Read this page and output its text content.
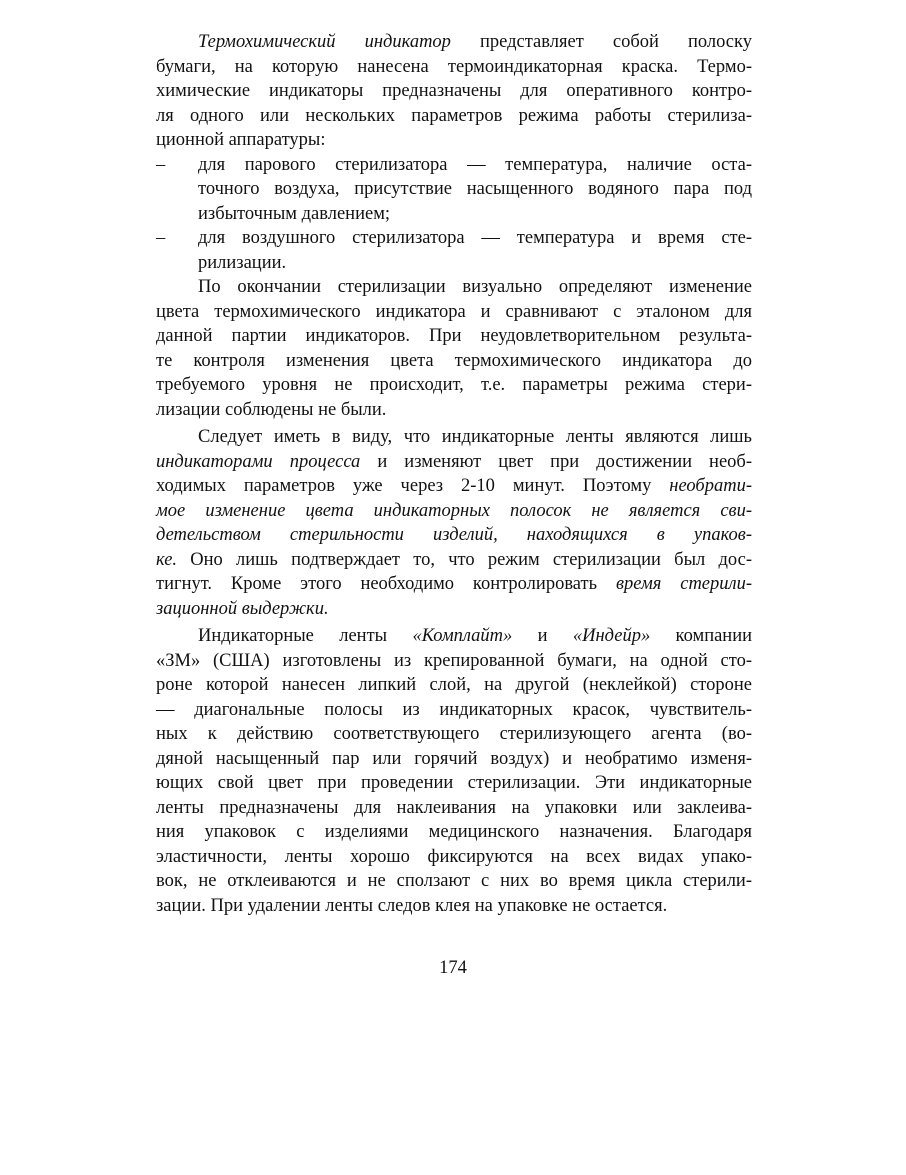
Термохимический индикатор представляет собой полоску
бумаги, на которую нанесена термоиндикаторная краска. Термо-
химические индикаторы предназначены для оперативного контро-
ля одного или нескольких параметров режима работы стерилиза-
ционной аппаратуры:
–	для парового стерилизатора — температура, наличие оста-
точного воздуха, присутствие насыщенного водяного пара под
избыточным давлением;
–	для воздушного стерилизатора — температура и время сте-
рилизации.
По окончании стерилизации визуально определяют изменение
цвета термохимического индикатора и сравнивают с эталоном для
данной партии индикаторов. При неудовлетворительном результа-
те контроля изменения цвета термохимического индикатора до
требуемого уровня не происходит, т.е. параметры режима стери-
лизации соблюдены не были.
Следует иметь в виду, что индикаторные ленты являются лишь
индикаторами процесса и изменяют цвет при достижении необ-
ходимых параметров уже через 2-10 минут. Поэтому необрати-
мое изменение цвета индикаторных полосок не является сви-
детельством стерильности изделий, находящихся в упаков-
ке. Оно лишь подтверждает то, что режим стерилизации был дос-
тигнут. Кроме этого необходимо контролировать время стерили-
зационной выдержки.
Индикаторные ленты «Комплайт» и «Индейр» компании
«ЗМ» (США) изготовлены из крепированной бумаги, на одной сто-
роне которой нанесен липкий слой, на другой (неклейкой) стороне
— диагональные полосы из индикаторных красок, чувствитель-
ных к действию соответствующего стерилизующего агента (во-
дяной насыщенный пар или горячий воздух) и необратимо изменя-
ющих свой цвет при проведении стерилизации. Эти индикаторные
ленты предназначены для наклеивания на упаковки или заклеива-
ния упаковок с изделиями медицинского назначения. Благодаря
эластичности, ленты хорошо фиксируются на всех видах упако-
вок, не отклеиваются и не сползают с них во время цикла стерили-
зации. При удалении ленты следов клея на упаковке не остается.
174
